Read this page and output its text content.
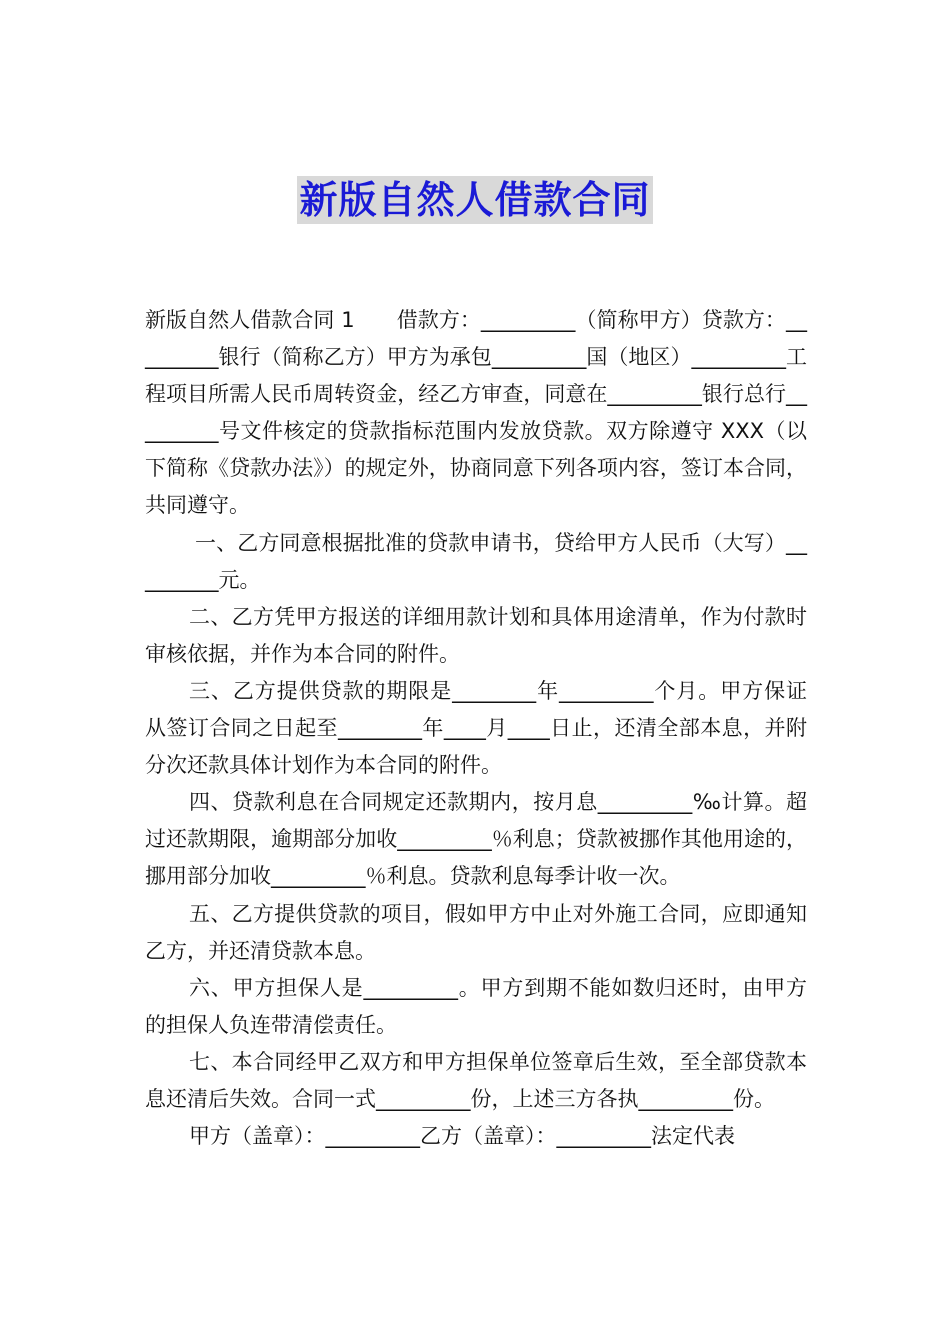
新版自然人借款合同

新版自然人借款合同 1　　借款方：_________（简称甲方）贷款方：_________银行（简称乙方）甲方为承包_________国（地区）_________工程项目所需人民币周转资金，经乙方审查，同意在_________银行总行_________号文件核定的贷款指标范围内发放贷款。双方除遵守 XXX（以下简称《贷款办法》）的规定外，协商同意下列各项内容，签订本合同，共同遵守。

一、乙方同意根据批准的贷款申请书，贷给甲方人民币（大写）_________元。

二、乙方凭甲方报送的详细用款计划和具体用途清单，作为付款时审核依据，并作为本合同的附件。

三、乙方提供贷款的期限是________年_________个月。甲方保证从签订合同之日起至________年____月____日止，还清全部本息，并附分次还款具体计划作为本合同的附件。

四、贷款利息在合同规定还款期内，按月息_________‰计算。超过还款期限，逾期部分加收_________％利息；贷款被挪作其他用途的，挪用部分加收_________％利息。贷款利息每季计收一次。

五、乙方提供贷款的项目，假如甲方中止对外施工合同，应即通知乙方，并还清贷款本息。

六、甲方担保人是_________。甲方到期不能如数归还时，由甲方的担保人负连带清偿责任。

七、本合同经甲乙双方和甲方担保单位签章后生效，至全部贷款本息还清后失效。合同一式_________份，上述三方各执_________份。

甲方（盖章）：_________乙方（盖章）：_________法定代表
